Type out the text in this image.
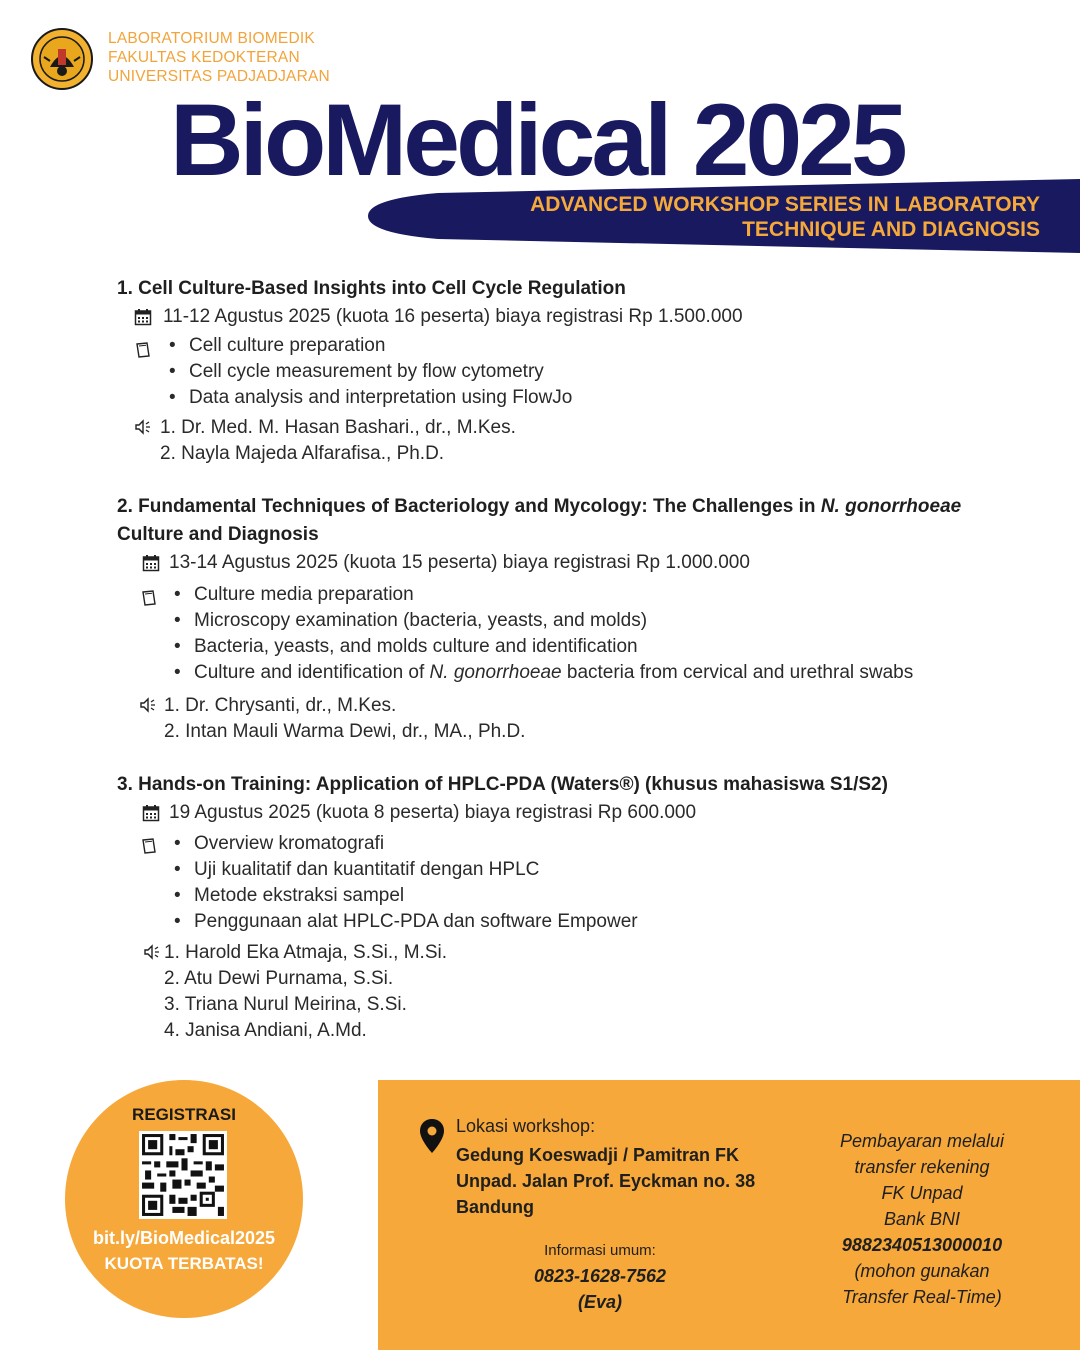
LABORATORIUM BIOMEDIK
FAKULTAS KEDOKTERAN
UNIVERSITAS PADJADJARAN
BioMedical 2025
ADVANCED WORKSHOP SERIES IN LABORATORY
TECHNIQUE AND DIAGNOSIS
1. Cell Culture-Based Insights into Cell Cycle Regulation
11-12 Agustus 2025 (kuota 16 peserta) biaya registrasi Rp 1.500.000
• Cell culture preparation
• Cell cycle measurement by flow cytometry
• Data analysis and interpretation using FlowJo
1. Dr. Med. M. Hasan Bashari., dr., M.Kes.
2. Nayla Majeda Alfarafisa., Ph.D.
2. Fundamental Techniques of Bacteriology and Mycology: The Challenges in N. gonorrhoeae
Culture and Diagnosis
13-14 Agustus 2025 (kuota 15 peserta) biaya registrasi Rp 1.000.000
• Culture media preparation
• Microscopy examination (bacteria, yeasts, and molds)
• Bacteria, yeasts, and molds culture and identification
• Culture and identification of N. gonorrhoeae bacteria from cervical and urethral swabs
1. Dr. Chrysanti, dr., M.Kes.
2. Intan Mauli Warma Dewi, dr., MA., Ph.D.
3. Hands-on Training: Application of HPLC-PDA (Waters®) (khusus mahasiswa S1/S2)
19 Agustus 2025 (kuota 8 peserta) biaya registrasi Rp 600.000
• Overview kromatografi
• Uji kualitatif dan kuantitatif dengan HPLC
• Metode ekstraksi sampel
• Penggunaan alat HPLC-PDA dan software Empower
1. Harold Eka Atmaja, S.Si., M.Si.
2. Atu Dewi Purnama, S.Si.
3. Triana Nurul Meirina, S.Si.
4. Janisa Andiani, A.Md.
REGISTRASI
bit.ly/BioMedical2025
KUOTA TERBATAS!
Lokasi workshop:
Gedung Koeswadji / Pamitran FK
Unpad. Jalan Prof. Eyckman no. 38
Bandung
Informasi umum:
0823-1628-7562
(Eva)
Pembayaran melalui
transfer rekening
FK Unpad
Bank BNI
9882340513000010
(mohon gunakan
Transfer Real-Time)
